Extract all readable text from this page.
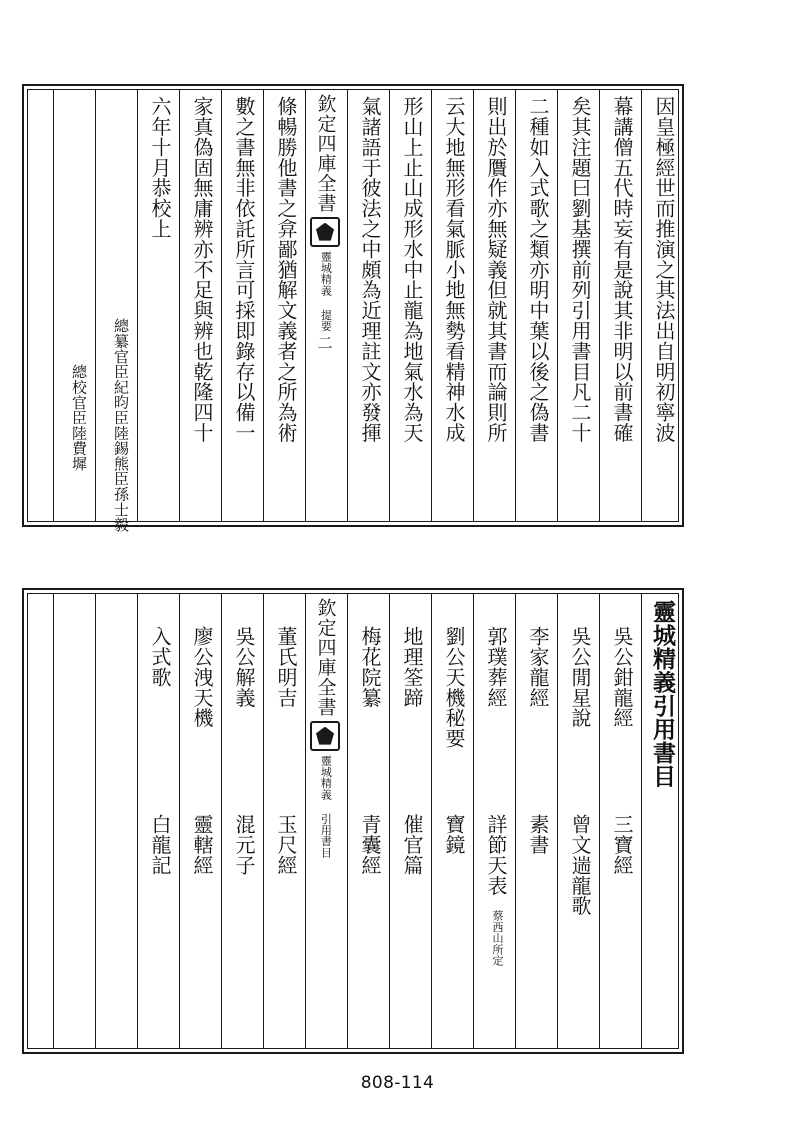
因皇極經世而推演之其法出自明初寧波
幕講僧五代時妄有是說其非明以前書確
矣其注題曰劉基撰前列引用書目凡二十
二種如入式歌之類亦明中葉以後之偽書
則出於贋作亦無疑義但就其書而論則所
云大地無形看氣脈小地無勢看精神水成
形山上止山成形水中止龍為地氣水為天
氣諸語于彼法之中頗為近理註文亦發揮
欽定四庫全書
靈城精義 提要
二
條暢勝他書之弇鄙猶解文義者之所為術
數之書無非依託所言可採即錄存以備一
家真偽固無庸辨亦不足與辨也乾隆四十
六年十月恭校上
總纂官臣紀昀臣陸錫熊臣孫士毅
總校官臣陸費墀
靈城精義引用書目
吳公鉗龍經
三寶經
吳公閒星說
曾文遄龍歌
李家龍經
素書
郭璞葬經
詳節天表
蔡西山所定
劉公天機秘要
寶鏡
地理筌蹄
催官篇
梅花院纂
青囊經
欽定四庫全書
靈城精義 引用書目
董氏明吉
玉尺經
吳公解義
混元子
廖公洩天機
靈轄經
入式歌
白龍記
808-114
